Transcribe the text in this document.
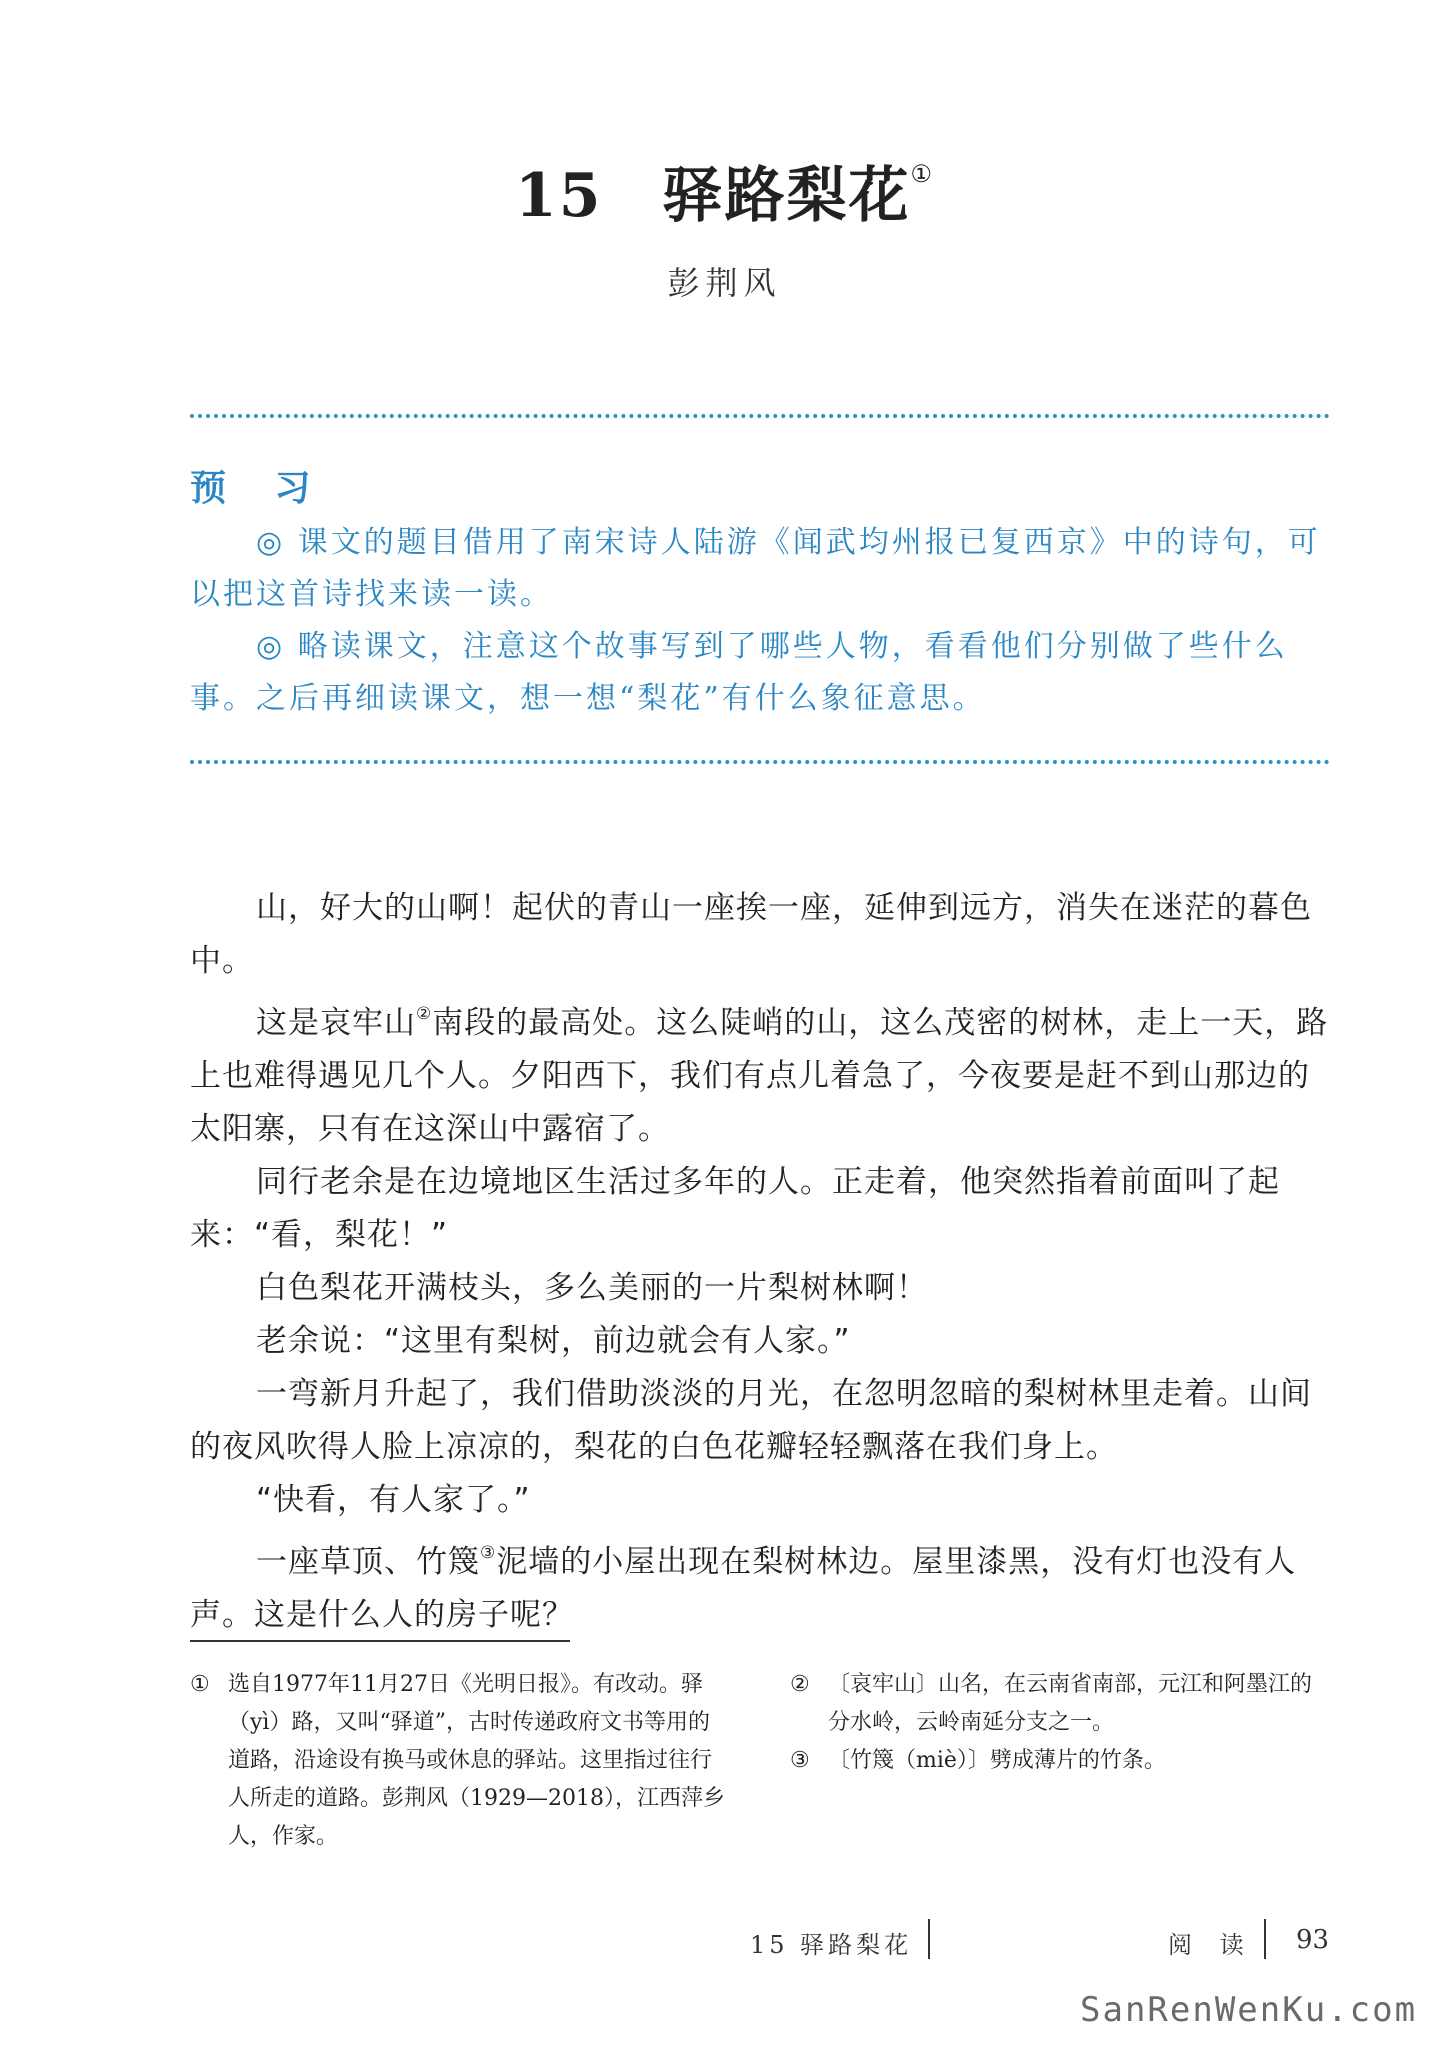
15 驿路梨花①
彭荆风
预 习

◎ 课文的题目借用了南宋诗人陆游《闻武均州报已复西京》中的诗句，可以把这首诗找来读一读。

◎ 略读课文，注意这个故事写到了哪些人物，看看他们分别做了些什么事。之后再细读课文，想一想“梨花”有什么象征意思。

山，好大的山啊！起伏的青山一座挨一座，延伸到远方，消失在迷茫的暮色中。

这是哀牢山②南段的最高处。这么陡峭的山，这么茂密的树林，走上一天，路上也难得遇见几个人。夕阳西下，我们有点儿着急了，今夜要是赶不到山那边的太阳寨，只有在这深山中露宿了。

同行老余是在边境地区生活过多年的人。正走着，他突然指着前面叫了起来：“看，梨花！”

白色梨花开满枝头，多么美丽的一片梨树林啊！

老余说：“这里有梨树，前边就会有人家。”

一弯新月升起了，我们借助淡淡的月光，在忽明忽暗的梨树林里走着。山间的夜风吹得人脸上凉凉的，梨花的白色花瓣轻轻飘落在我们身上。

“快看，有人家了。”

一座草顶、竹篾③泥墙的小屋出现在梨树林边。屋里漆黑，没有灯也没有人声。这是什么人的房子呢？

① 选自1977年11月27日《光明日报》。有改动。驿（yì）路，又叫“驿道”，古时传递政府文书等用的道路，沿途设有换马或休息的驿站。这里指过往行人所走的道路。彭荆风（1929—2018），江西萍乡人，作家。
② 〔哀牢山〕山名，在云南省南部，元江和阿墨江的分水岭，云岭南延分支之一。
③ 〔竹篾（miè）〕劈成薄片的竹条。
15 驿路梨花	阅 读 93
SanRenWenKu.com
